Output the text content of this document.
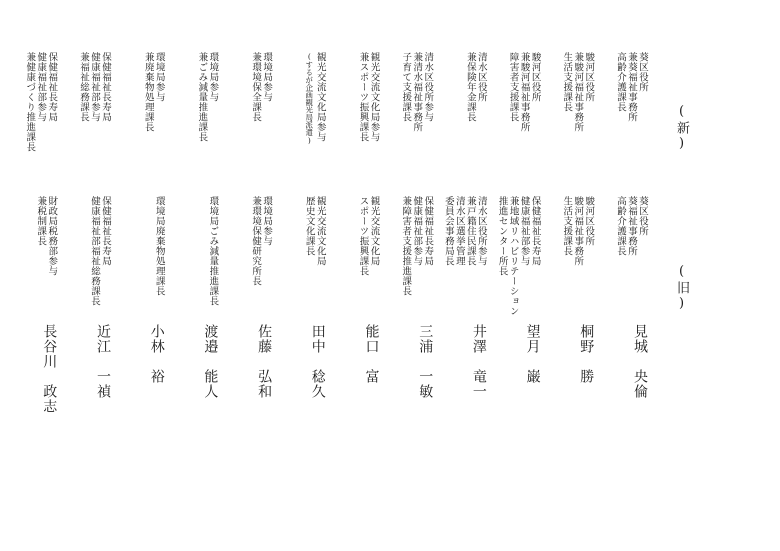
(新)
(旧)
葵区役所
兼葵福祉事務所
高齢介護課長
葵区役所
葵福祉事務所
高齢介護課長
見城　央倫
駿河区役所
兼駿河福祉事務所
生活支援課長
駿河区役所
駿河福祉事務所
生活支援課長
桐野　勝
駿河区役所
兼駿河福祉事務所
障害者支援課長
保健福祉長寿局
健康福祉部参与
兼地域リハビリテーション
推進センター所長
望月　巌
清水区役所
兼保険年金課長
清水区役所参与
兼戸籍住民課長
清水区選挙管理
委員会事務局長
井澤　竜一
清水区役所参与
兼清水福祉事務所
子育て支援課長
保健福祉長寿局
健康福祉部参与
兼障害者支援推進課長
三浦　一敏
観光交流文化局参与
兼スポーツ振興課長
観光交流文化局
スポーツ振興課長
能口　富
観光交流文化局参与
(するが企画観光局派遣)
観光交流文化局
歴史文化課長
田中　稔久
環境局参与
兼環境保全課長
環境局参与
兼環境保健研究所長
佐藤　弘和
環境局参与
兼ごみ減量推進課長
環境局ごみ減量推進課長
渡邉　能人
環境局参与
兼廃棄物処理課長
環境局廃棄物処理課長
小林　裕
保健福祉長寿局
健康福祉部参与
兼福祉総務課長
保健福祉長寿局
健康福祉部福祉総務課長
近江　一禎
保健福祉長寿局
健康福祉部参与
兼健康づくり推進課長
財政局税務部参与
兼税制課長
長谷川　政志
